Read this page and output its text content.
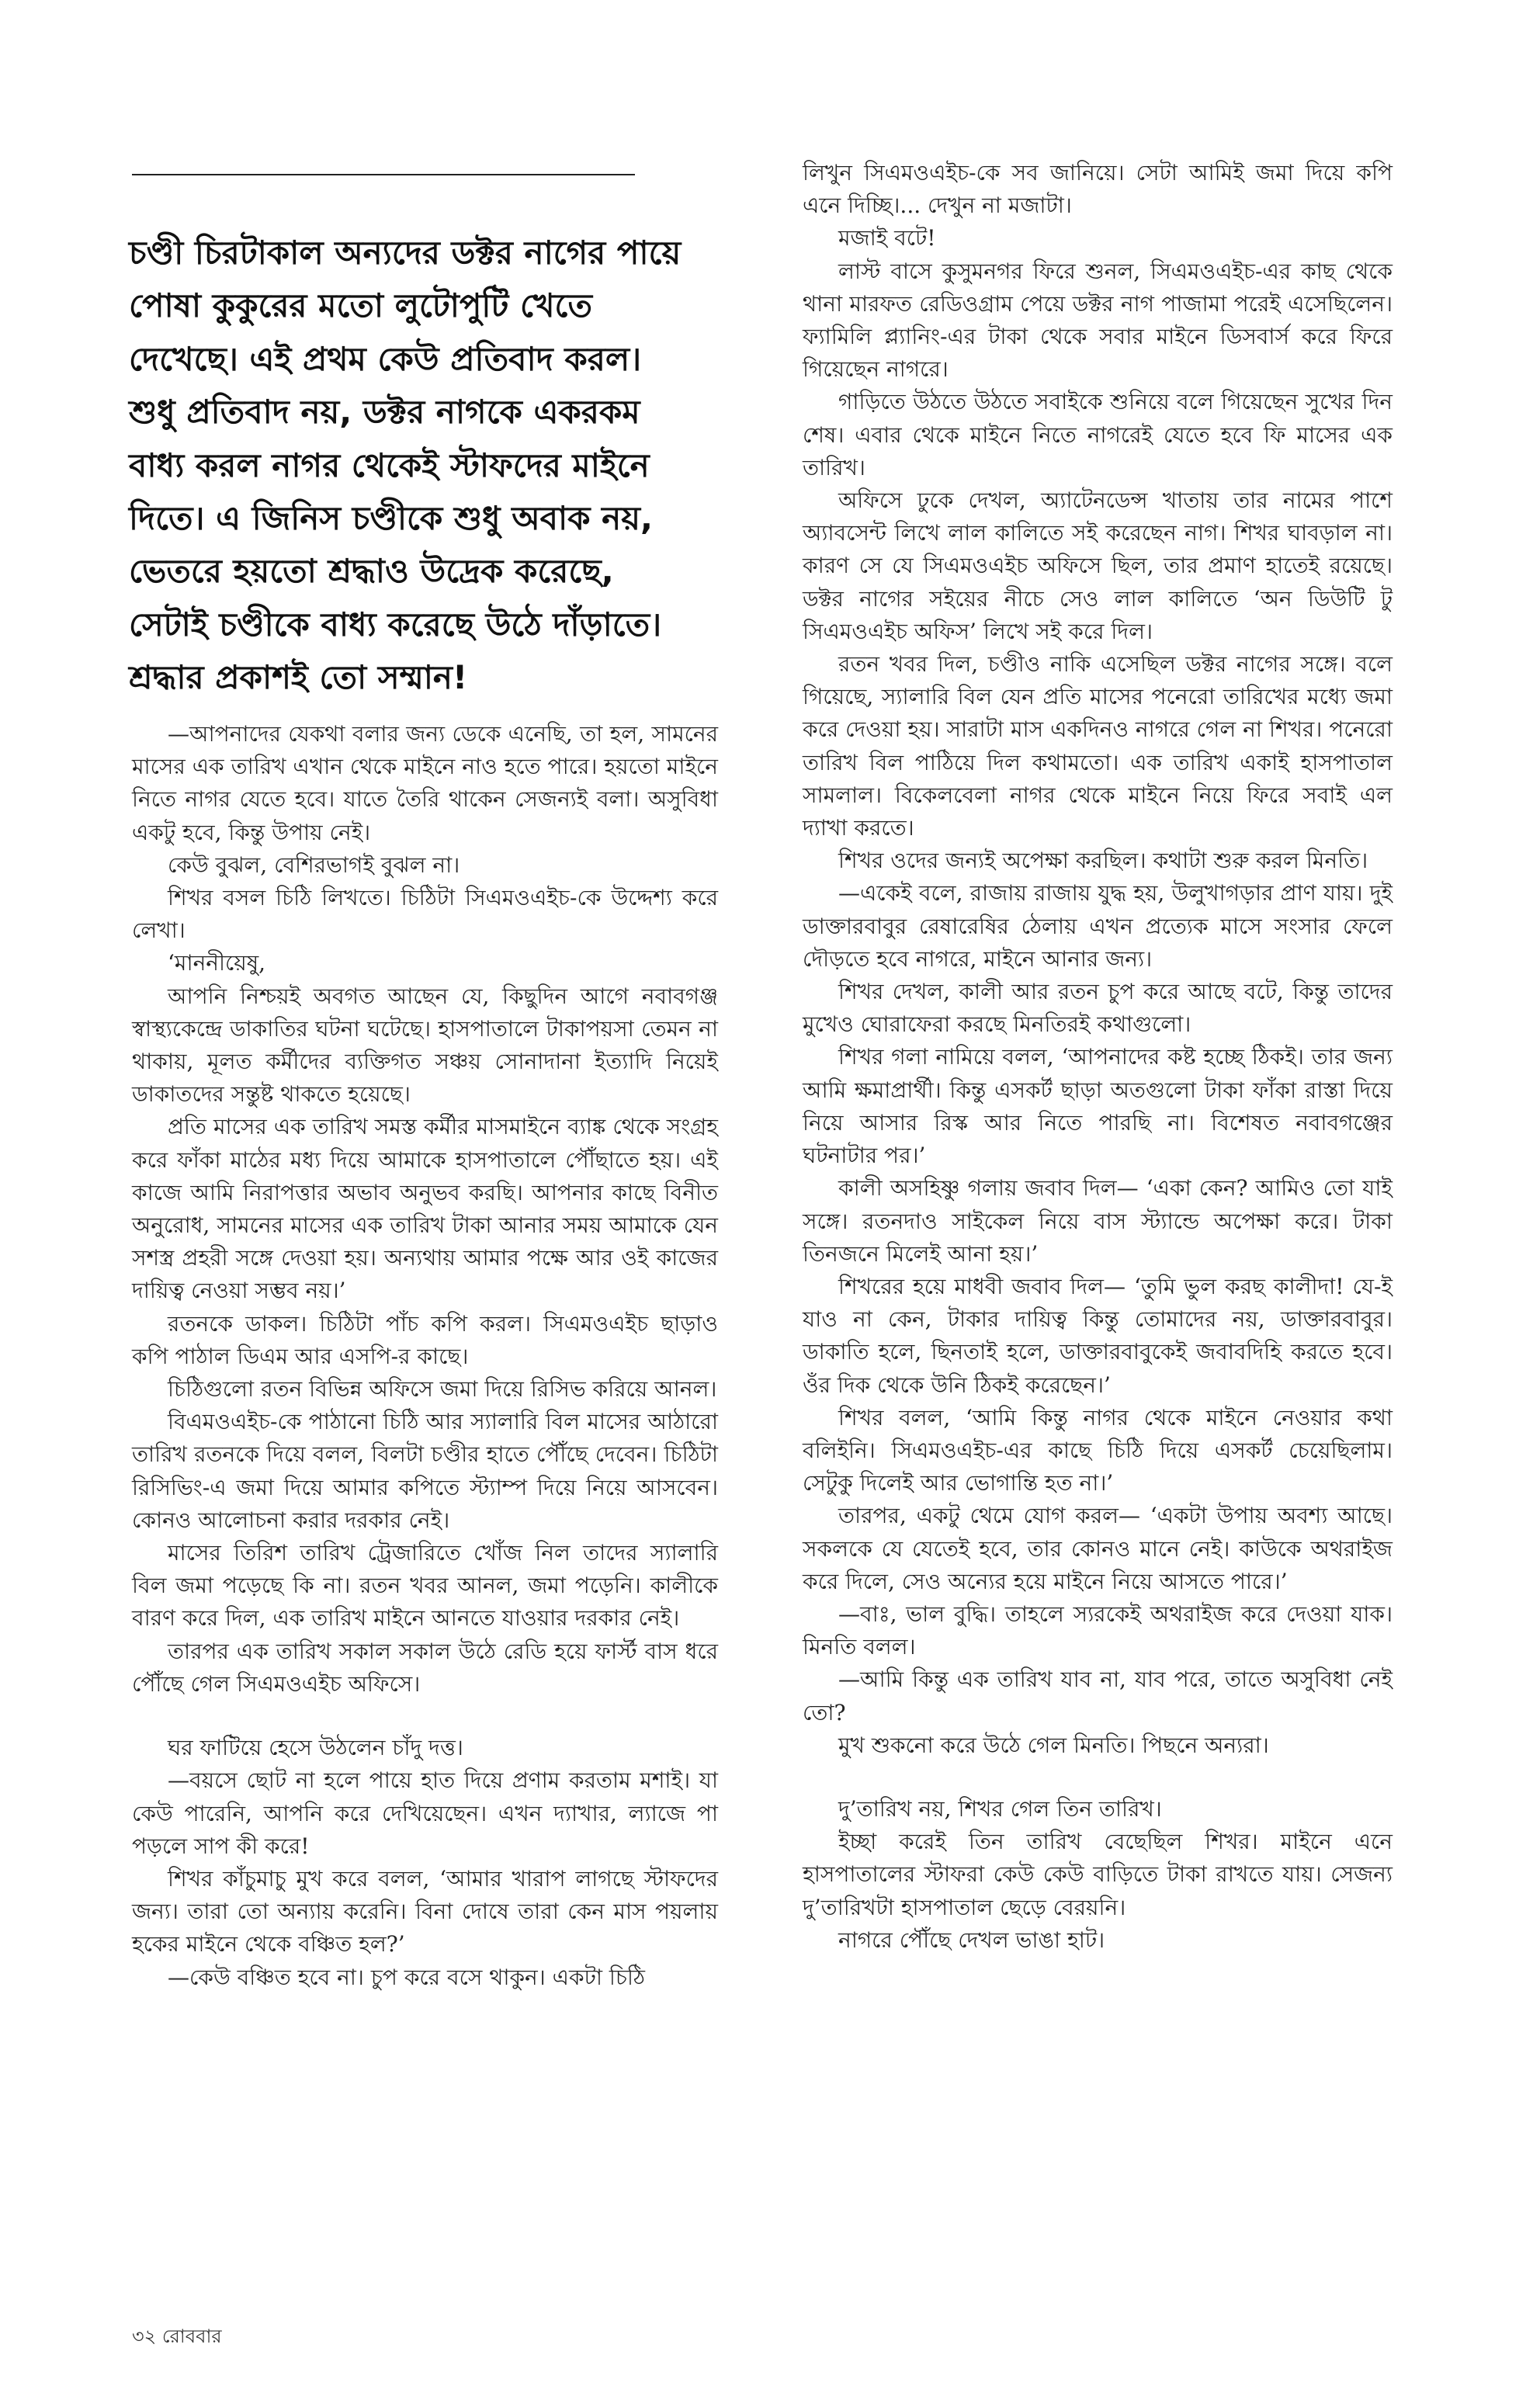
চণ্ডী চিরটাকাল অন্যদের ডক্টর নাগের পায়ে পোষা কুকুরের মতো লুটোপুটি খেতে দেখেছে। এই প্রথম কেউ প্রতিবাদ করল। শুধু প্রতিবাদ নয়, ডক্টর নাগকে একরকম বাধ্য করল নাগর থেকেই স্টাফদের মাইনে দিতে। এ জিনিস চণ্ডীকে শুধু অবাক নয়, ভেতরে হয়তো শ্রদ্ধাও উদ্রেক করেছে, সেটাই চণ্ডীকে বাধ্য করেছে উঠে দাঁড়াতে। শ্রদ্ধার প্রকাশই তো সম্মান!

—আপনাদের যেকথা বলার জন্য ডেকে এনেছি, তা হল, সামনের মাসের এক তারিখ এখান থেকে মাইনে নাও হতে পারে। হয়তো মাইনে নিতে নাগর যেতে হবে। যাতে তৈরি থাকেন সেজন্যই বলা। অসুবিধা একটু হবে, কিন্তু উপায় নেই।

কেউ বুঝল, বেশিরভাগই বুঝল না।

শিখর বসল চিঠি লিখতে। চিঠিটা সিএমওএইচ-কে উদ্দেশ্য করে লেখা।

‘মাননীয়েষু,

আপনি নিশ্চয়ই অবগত আছেন যে, কিছুদিন আগে নবাবগঞ্জ স্বাস্থ্যকেন্দ্রে ডাকাতির ঘটনা ঘটেছে। হাসপাতালে টাকাপয়সা তেমন না থাকায়, মূলত কর্মীদের ব্যক্তিগত সঞ্চয় সোনাদানা ইত্যাদি নিয়েই ডাকাতদের সন্তুষ্ট থাকতে হয়েছে।

প্রতি মাসের এক তারিখ সমস্ত কর্মীর মাসমাইনে ব্যাঙ্ক থেকে সংগ্রহ করে ফাঁকা মাঠের মধ্য দিয়ে আমাকে হাসপাতালে পৌঁছাতে হয়। এই কাজে আমি নিরাপত্তার অভাব অনুভব করছি। আপনার কাছে বিনীত অনুরোধ, সামনের মাসের এক তারিখ টাকা আনার সময় আমাকে যেন সশস্ত্র প্রহরী সঙ্গে দেওয়া হয়। অন্যথায় আমার পক্ষে আর ওই কাজের দায়িত্ব নেওয়া সম্ভব নয়।’

রতনকে ডাকল। চিঠিটা পাঁচ কপি করল। সিএমওএইচ ছাড়াও কপি পাঠাল ডিএম আর এসপি-র কাছে।

চিঠিগুলো রতন বিভিন্ন অফিসে জমা দিয়ে রিসিভ করিয়ে আনল।

বিএমওএইচ-কে পাঠানো চিঠি আর স্যালারি বিল মাসের আঠারো তারিখ রতনকে দিয়ে বলল, বিলটা চণ্ডীর হাতে পৌঁছে দেবেন। চিঠিটা রিসিভিং-এ জমা দিয়ে আমার কপিতে স্ট্যাম্প দিয়ে নিয়ে আসবেন। কোনও আলোচনা করার দরকার নেই।

মাসের তিরিশ তারিখ ট্রেজারিতে খোঁজ নিল তাদের স্যালারি বিল জমা পড়েছে কি না। রতন খবর আনল, জমা পড়েনি। কালীকে বারণ করে দিল, এক তারিখ মাইনে আনতে যাওয়ার দরকার নেই।

তারপর এক তারিখ সকাল সকাল উঠে রেডি হয়ে ফার্স্ট বাস ধরে পৌঁছে গেল সিএমওএইচ অফিসে।

ঘর ফাটিয়ে হেসে উঠলেন চাঁদু দত্ত।

—বয়সে ছোট না হলে পায়ে হাত দিয়ে প্রণাম করতাম মশাই। যা কেউ পারেনি, আপনি করে দেখিয়েছেন। এখন দ্যাখার, ল্যাজে পা পড়লে সাপ কী করে!

শিখর কাঁচুমাচু মুখ করে বলল, ‘আমার খারাপ লাগছে স্টাফদের জন্য। তারা তো অন্যায় করেনি। বিনা দোষে তারা কেন মাস পয়লায় হকের মাইনে থেকে বঞ্চিত হল?’

—কেউ বঞ্চিত হবে না। চুপ করে বসে থাকুন। একটা চিঠি

লিখুন সিএমওএইচ-কে সব জানিয়ে। সেটা আমিই জমা দিয়ে কপি এনে দিচ্ছি।... দেখুন না মজাটা।

মজাই বটে!

লাস্ট বাসে কুসুমনগর ফিরে শুনল, সিএমওএইচ-এর কাছ থেকে থানা মারফত রেডিওগ্রাম পেয়ে ডক্টর নাগ পাজামা পরেই এসেছিলেন। ফ্যামিলি প্ল্যানিং-এর টাকা থেকে সবার মাইনে ডিসবার্স করে ফিরে গিয়েছেন নাগরে।

গাড়িতে উঠতে উঠতে সবাইকে শুনিয়ে বলে গিয়েছেন সুখের দিন শেষ। এবার থেকে মাইনে নিতে নাগরেই যেতে হবে ফি মাসের এক তারিখ।

অফিসে ঢুকে দেখল, অ্যাটেনডেন্স খাতায় তার নামের পাশে অ্যাবসেন্ট লিখে লাল কালিতে সই করেছেন নাগ। শিখর ঘাবড়াল না। কারণ সে যে সিএমওএইচ অফিসে ছিল, তার প্রমাণ হাতেই রয়েছে। ডক্টর নাগের সইয়ের নীচে সেও লাল কালিতে ‘অন ডিউটি টু সিএমওএইচ অফিস’ লিখে সই করে দিল।

রতন খবর দিল, চণ্ডীও নাকি এসেছিল ডক্টর নাগের সঙ্গে। বলে গিয়েছে, স্যালারি বিল যেন প্রতি মাসের পনেরো তারিখের মধ্যে জমা করে দেওয়া হয়। সারাটা মাস একদিনও নাগরে গেল না শিখর। পনেরো তারিখ বিল পাঠিয়ে দিল কথামতো। এক তারিখ একাই হাসপাতাল সামলাল। বিকেলবেলা নাগর থেকে মাইনে নিয়ে ফিরে সবাই এল দ্যাখা করতে।

শিখর ওদের জন্যই অপেক্ষা করছিল। কথাটা শুরু করল মিনতি।

—একেই বলে, রাজায় রাজায় যুদ্ধ হয়, উলুখাগড়ার প্রাণ যায়। দুই ডাক্তারবাবুর রেষারেষির ঠেলায় এখন প্রত্যেক মাসে সংসার ফেলে দৌড়তে হবে নাগরে, মাইনে আনার জন্য।

শিখর দেখল, কালী আর রতন চুপ করে আছে বটে, কিন্তু তাদের মুখেও ঘোরাফেরা করছে মিনতিরই কথাগুলো।

শিখর গলা নামিয়ে বলল, ‘আপনাদের কষ্ট হচ্ছে ঠিকই। তার জন্য আমি ক্ষমাপ্রার্থী। কিন্তু এসকর্ট ছাড়া অতগুলো টাকা ফাঁকা রাস্তা দিয়ে নিয়ে আসার রিস্ক আর নিতে পারছি না। বিশেষত নবাবগঞ্জের ঘটনাটার পর।’

কালী অসহিষ্ণু গলায় জবাব দিল— ‘একা কেন? আমিও তো যাই সঙ্গে। রতনদাও সাইকেল নিয়ে বাস স্ট্যান্ডে অপেক্ষা করে। টাকা তিনজনে মিলেই আনা হয়।’

শিখরের হয়ে মাধবী জবাব দিল— ‘তুমি ভুল করছ কালীদা! যে-ই যাও না কেন, টাকার দায়িত্ব কিন্তু তোমাদের নয়, ডাক্তারবাবুর। ডাকাতি হলে, ছিনতাই হলে, ডাক্তারবাবুকেই জবাবদিহি করতে হবে। ওঁর দিক থেকে উনি ঠিকই করেছেন।’

শিখর বলল, ‘আমি কিন্তু নাগর থেকে মাইনে নেওয়ার কথা বলিইনি। সিএমওএইচ-এর কাছে চিঠি দিয়ে এসকর্ট চেয়েছিলাম। সেটুকু দিলেই আর ভোগান্তি হত না।’

তারপর, একটু থেমে যোগ করল— ‘একটা উপায় অবশ্য আছে। সকলকে যে যেতেই হবে, তার কোনও মানে নেই। কাউকে অথরাইজ করে দিলে, সেও অন্যের হয়ে মাইনে নিয়ে আসতে পারে।’

—বাঃ, ভাল বুদ্ধি। তাহলে স্যরকেই অথরাইজ করে দেওয়া যাক। মিনতি বলল।

—আমি কিন্তু এক তারিখ যাব না, যাব পরে, তাতে অসুবিধা নেই তো?

মুখ শুকনো করে উঠে গেল মিনতি। পিছনে অন্যরা।

দু’তারিখ নয়, শিখর গেল তিন তারিখ।

ইচ্ছা করেই তিন তারিখ বেছেছিল শিখর। মাইনে এনে হাসপাতালের স্টাফরা কেউ কেউ বাড়িতে টাকা রাখতে যায়। সেজন্য দু’তারিখটা হাসপাতাল ছেড়ে বেরয়নি।

নাগরে পৌঁছে দেখল ভাঙা হাট।

৩২ রোববার
